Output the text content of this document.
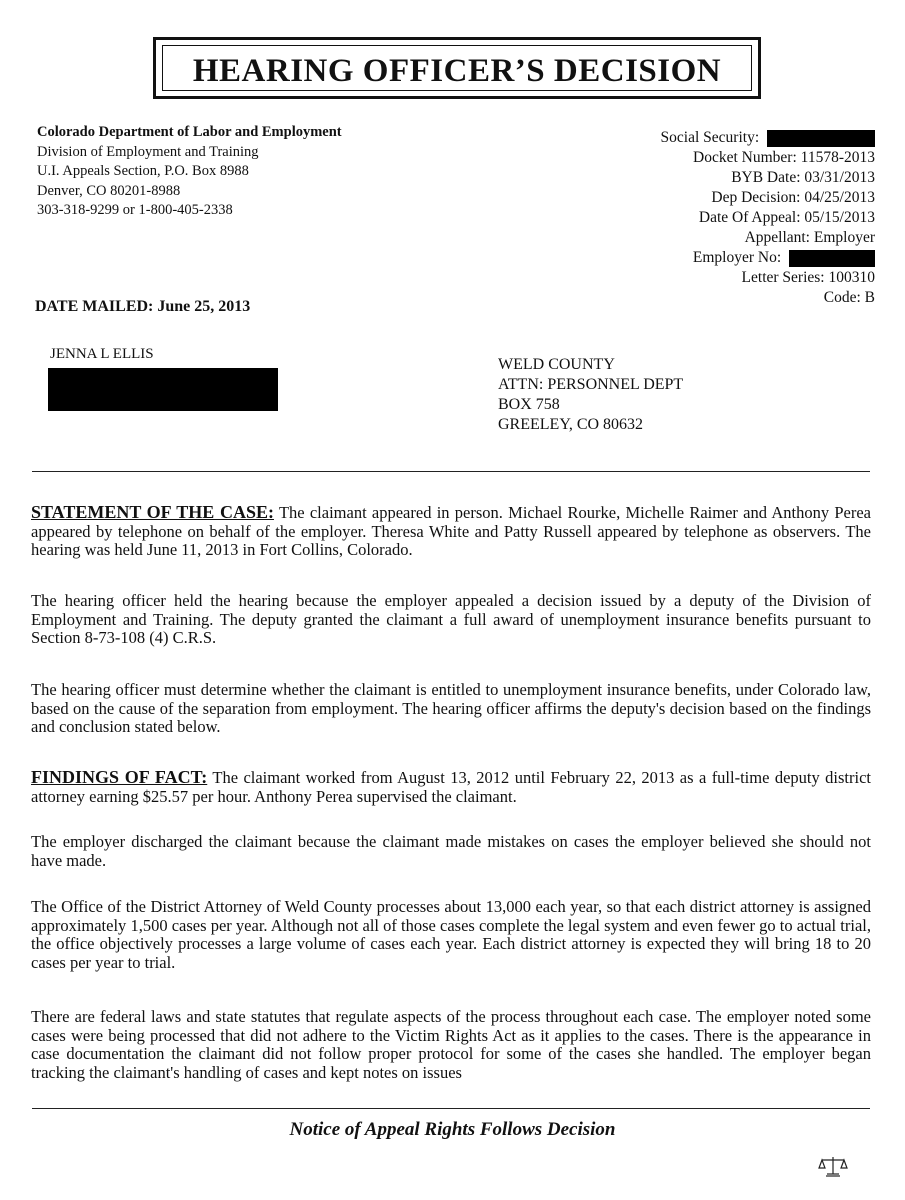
HEARING OFFICER’S DECISION
Colorado Department of Labor and Employment
Division of Employment and Training
U.I. Appeals Section, P.O. Box 8988
Denver, CO 80201-8988
303-318-9299 or 1-800-405-2338
Social Security:
Docket Number: 11578-2013
BYB Date: 03/31/2013
Dep Decision: 04/25/2013
Date Of Appeal: 05/15/2013
Appellant: Employer
Employer No:
Letter Series: 100310
Code: B
DATE MAILED: June 25, 2013
JENNA L ELLIS
WELD COUNTY
ATTN: PERSONNEL DEPT
BOX 758
GREELEY, CO 80632
STATEMENT OF THE CASE: The claimant appeared in person. Michael Rourke, Michelle Raimer and Anthony Perea appeared by telephone on behalf of the employer. Theresa White and Patty Russell appeared by telephone as observers. The hearing was held June 11, 2013 in Fort Collins, Colorado.
The hearing officer held the hearing because the employer appealed a decision issued by a deputy of the Division of Employment and Training. The deputy granted the claimant a full award of unemployment insurance benefits pursuant to Section 8-73-108 (4) C.R.S.
The hearing officer must determine whether the claimant is entitled to unemployment insurance benefits, under Colorado law, based on the cause of the separation from employment. The hearing officer affirms the deputy's decision based on the findings and conclusion stated below.
FINDINGS OF FACT: The claimant worked from August 13, 2012 until February 22, 2013 as a full-time deputy district attorney earning $25.57 per hour. Anthony Perea supervised the claimant.
The employer discharged the claimant because the claimant made mistakes on cases the employer believed she should not have made.
The Office of the District Attorney of Weld County processes about 13,000 each year, so that each district attorney is assigned approximately 1,500 cases per year. Although not all of those cases complete the legal system and even fewer go to actual trial, the office objectively processes a large volume of cases each year. Each district attorney is expected they will bring 18 to 20 cases per year to trial.
There are federal laws and state statutes that regulate aspects of the process throughout each case. The employer noted some cases were being processed that did not adhere to the Victim Rights Act as it applies to the cases. There is the appearance in case documentation the claimant did not follow proper protocol for some of the cases she handled. The employer began tracking the claimant's handling of cases and kept notes on issues
Notice of Appeal Rights Follows Decision
